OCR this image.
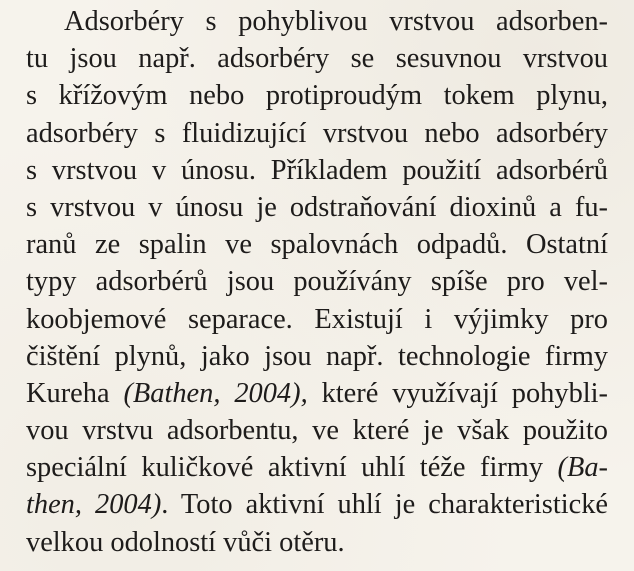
Adsorbéry s pohyblivou vrstvou adsorben-
tu jsou např. adsorbéry se sesuvnou vrstvou
s křížovým nebo protiproudým tokem plynu,
adsorbéry s fluidizující vrstvou nebo adsorbéry
s vrstvou v únosu. Příkladem použití adsorbérů
s vrstvou v únosu je odstraňování dioxinů a fu-
ranů ze spalin ve spalovnách odpadů. Ostatní
typy adsorbérů jsou používány spíše pro vel-
koobjemové separace. Existují i výjimky pro
čištění plynů, jako jsou např. technologie firmy
Kureha (Bathen, 2004), které využívají pohybli-
vou vrstvu adsorbentu, ve které je však použito
speciální kuličkové aktivní uhlí téže firmy (Ba-
then, 2004). Toto aktivní uhlí je charakteristické
velkou odolností vůči otěru.
